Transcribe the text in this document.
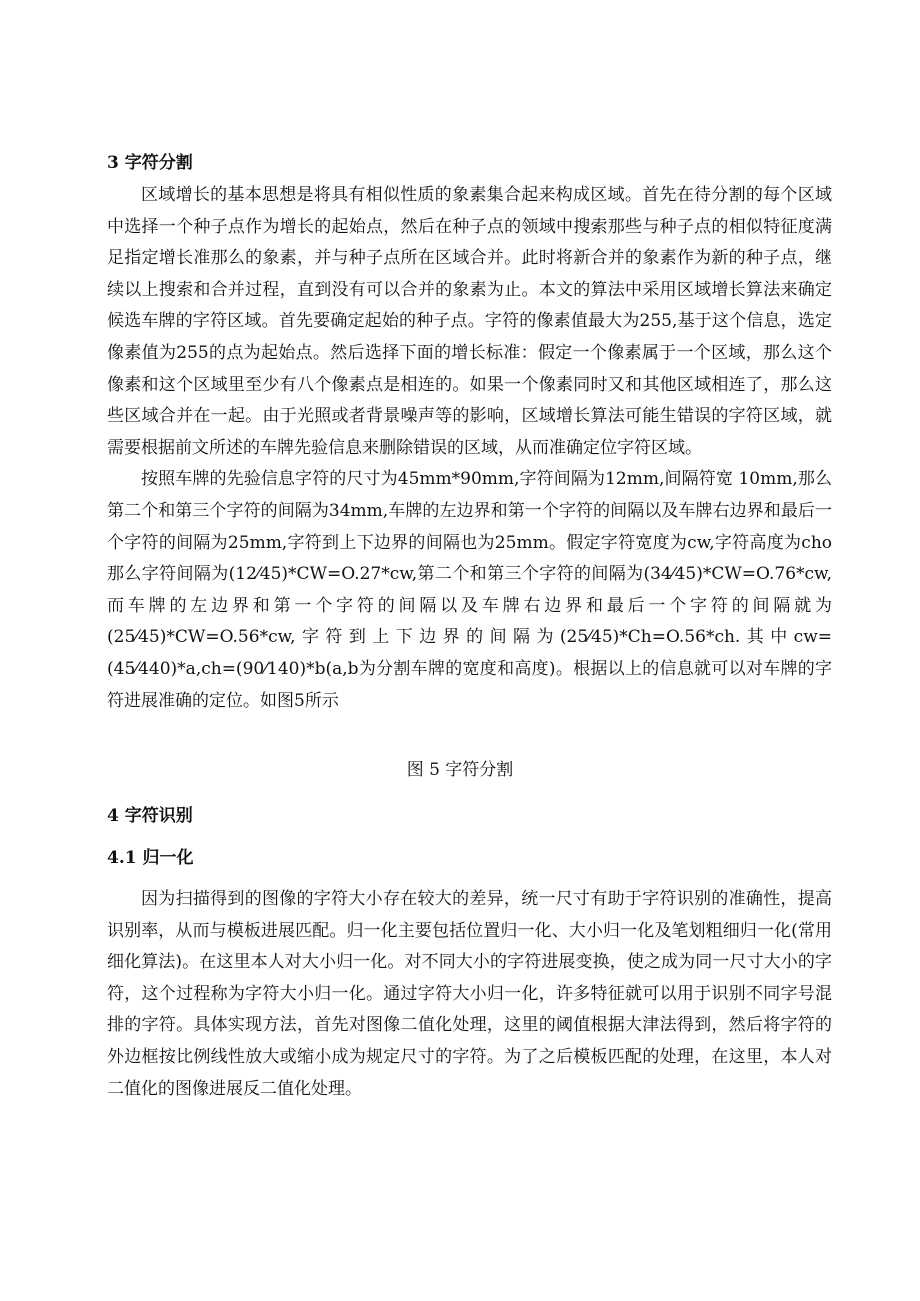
3 字符分割

区域增长的基本思想是将具有相似性质的象素集合起来构成区域。首先在待分割的每个区域中选择一个种子点作为增长的起始点，然后在种子点的领域中搜索那些与种子点的相似特征度满足指定增长准那么的象素，并与种子点所在区域合并。此时将新合并的象素作为新的种子点，继续以上搜索和合并过程，直到没有可以合并的象素为止。本文的算法中采用区域增长算法来确定候选车牌的字符区域。首先要确定起始的种子点。字符的像素值最大为255,基于这个信息，选定像素值为255的点为起始点。然后选择下面的增长标准：假定一个像素属于一个区域，那么这个像素和这个区域里至少有八个像素点是相连的。如果一个像素同时又和其他区域相连了，那么这些区域合并在一起。由于光照或者背景噪声等的影响，区域增长算法可能生错误的字符区域，就需要根据前文所述的车牌先验信息来删除错误的区域，从而准确定位字符区域。

按照车牌的先验信息字符的尺寸为45mm*90mm,字符间隔为12mm,间隔符宽 10mm,那么第二个和第三个字符的间隔为34mm,车牌的左边界和第一个字符的间隔以及车牌右边界和最后一个字符的间隔为25mm,字符到上下边界的间隔也为25mm。假定字符宽度为cw,字符高度为cho那么字符间隔为(12⁄45)*CW=O.27*cw,第二个和第三个字符的间隔为(34⁄45)*CW=O.76*cw,而车牌的左边界和第一个字符的间隔以及车牌右边界和最后一个字符的间隔就为(25⁄45)*CW=O.56*cw,字符到上下边界的间隔为(25⁄45)*Ch=O.56*ch.其中cw=(45⁄440)*a,ch=(90⁄140)*b(a,b为分割车牌的宽度和高度)。根据以上的信息就可以对车牌的字符进展准确的定位。如图5所示

图 5 字符分割
4 字符识别
4.1 归一化

因为扫描得到的图像的字符大小存在较大的差异，统一尺寸有助于字符识别的准确性，提高识别率，从而与模板进展匹配。归一化主要包括位置归一化、大小归一化及笔划粗细归一化(常用细化算法)。在这里本人对大小归一化。对不同大小的字符进展变换，使之成为同一尺寸大小的字符，这个过程称为字符大小归一化。通过字符大小归一化，许多特征就可以用于识别不同字号混排的字符。具体实现方法，首先对图像二值化处理，这里的阈值根据大津法得到，然后将字符的外边框按比例线性放大或缩小成为规定尺寸的字符。为了之后模板匹配的处理，在这里，本人对二值化的图像进展反二值化处理。
